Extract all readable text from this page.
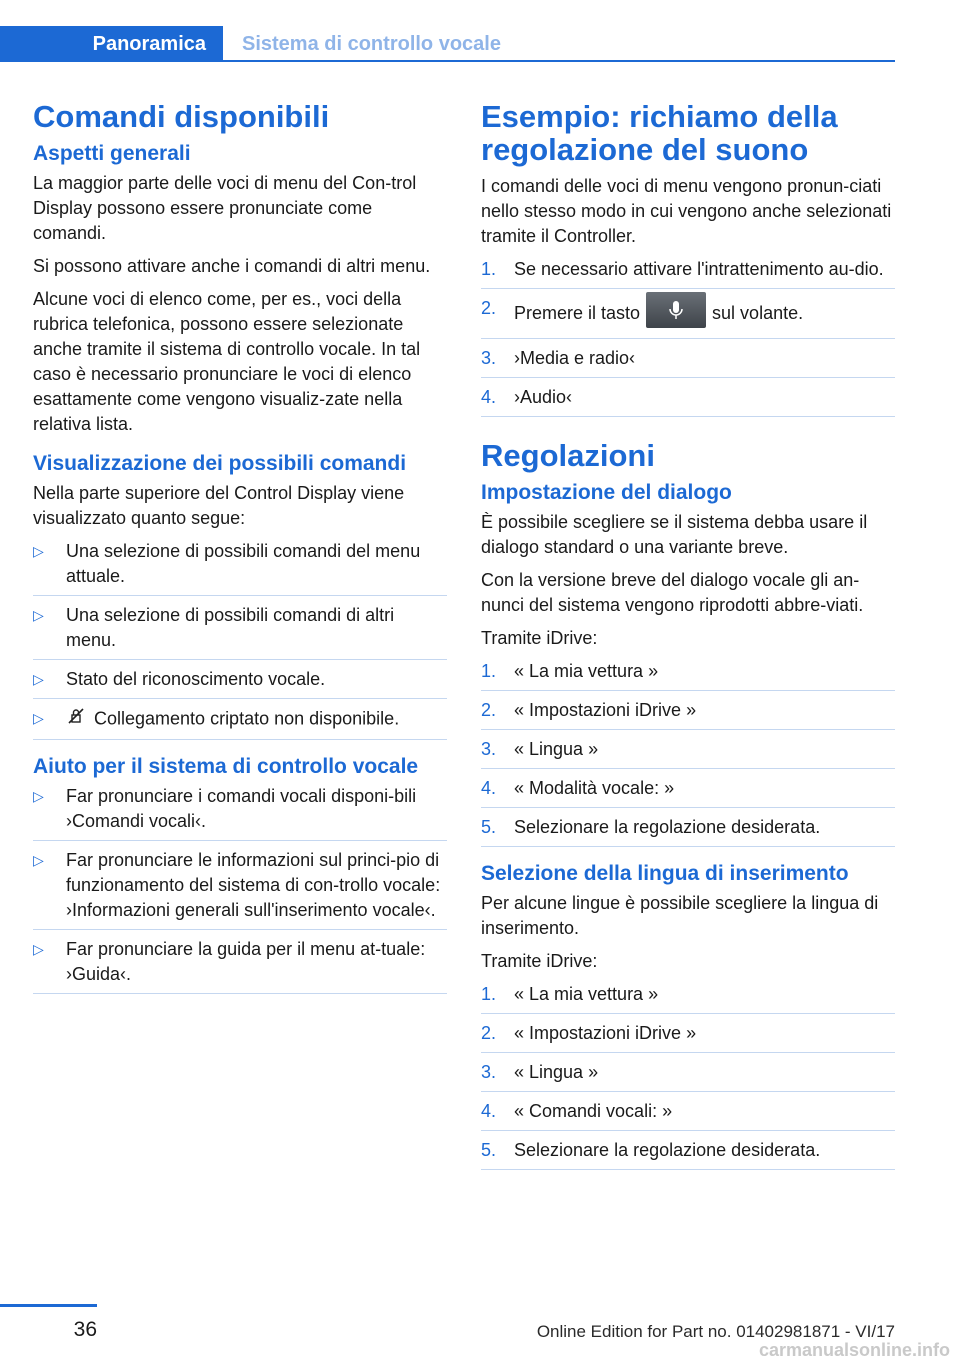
Panoramica	Sistema di controllo vocale
Comandi disponibili
Aspetti generali

La maggior parte delle voci di menu del Con-trol Display possono essere pronunciate come comandi.

Si possono attivare anche i comandi di altri menu.

Alcune voci di elenco come, per es., voci della rubrica telefonica, possono essere selezionate anche tramite il sistema di controllo vocale. In tal caso è necessario pronunciare le voci di elenco esattamente come vengono visualiz-zate nella relativa lista.

Visualizzazione dei possibili comandi

Nella parte superiore del Control Display viene visualizzato quanto segue:

▷ Una selezione di possibili comandi del menu attuale.
▷ Una selezione di possibili comandi di altri menu.
▷ Stato del riconoscimento vocale.
▷	Collegamento criptato non disponibile.
Aiuto per il sistema di controllo vocale
▷ Far pronunciare i comandi vocali disponi-bili ›Comandi vocali‹.
▷ Far pronunciare le informazioni sul princi-pio di funzionamento del sistema di con-trollo vocale: ›Informazioni generali sull'inserimento vocale‹.
▷ Far pronunciare la guida per il menu at-tuale: ›Guida‹.
Esempio: richiamo della regolazione del suono

I comandi delle voci di menu vengono pronun-ciati nello stesso modo in cui vengono anche selezionati tramite il Controller.

1. Se necessario attivare l'intrattenimento au-dio.
2. Premere il tasto	sul volante.
3. ›Media e radio‹
4. ›Audio‹
Regolazioni
Impostazione del dialogo

È possibile scegliere se il sistema debba usare il dialogo standard o una variante breve.

Con la versione breve del dialogo vocale gli an-nunci del sistema vengono riprodotti abbre-viati.

Tramite iDrive:

1. « La mia vettura »
2. « Impostazioni iDrive »
3. « Lingua »
4. « Modalità vocale: »
5. Selezionare la regolazione desiderata.
Selezione della lingua di inserimento

Per alcune lingue è possibile scegliere la lingua di inserimento.

Tramite iDrive:

1. « La mia vettura »
2. « Impostazioni iDrive »
3. « Lingua »
4. « Comandi vocali: »
5. Selezionare la regolazione desiderata.
36	Online Edition for Part no. 01402981871 - VI/17
carmanualsonline.info
